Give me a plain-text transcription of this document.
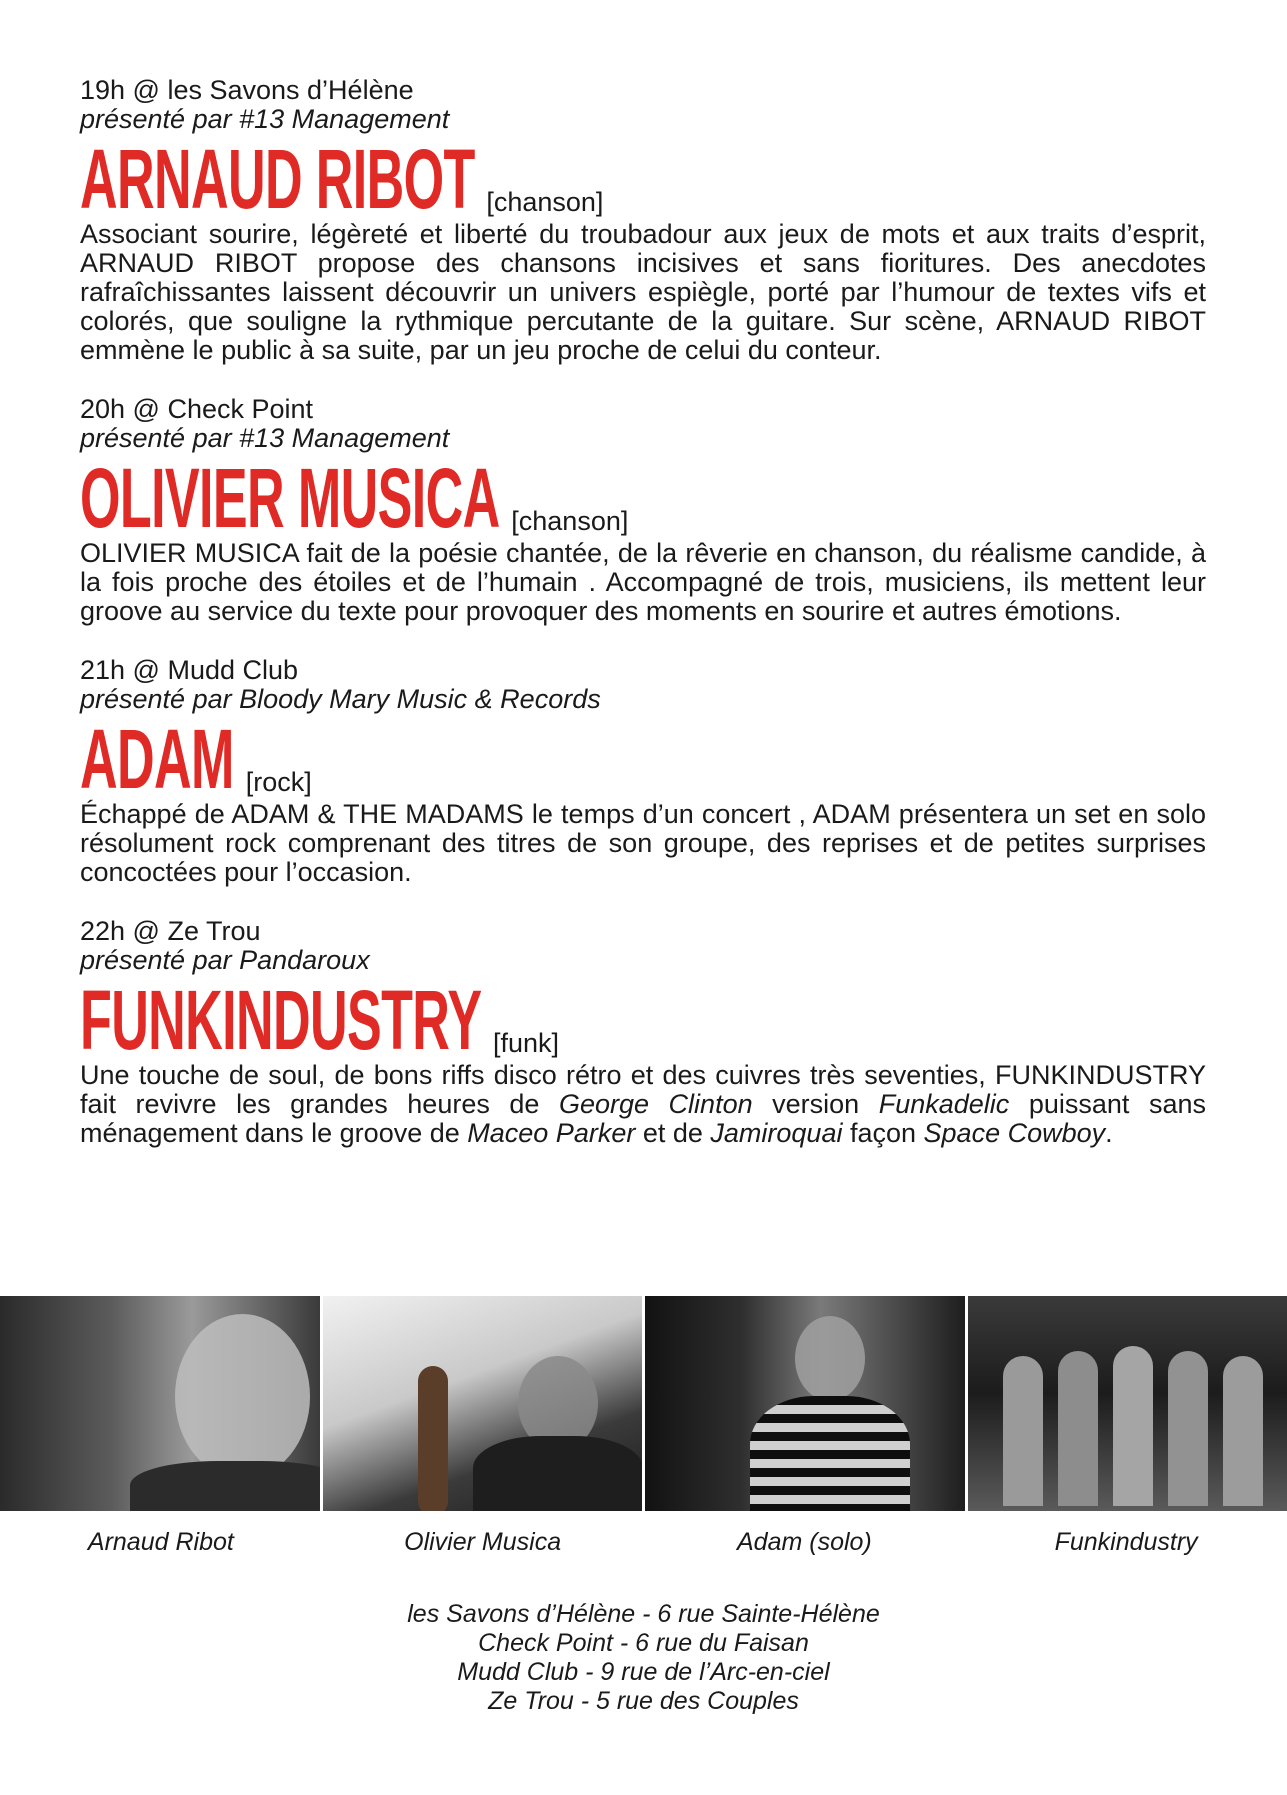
19h @ les Savons d’Hélène
présenté par #13 Management
ARNAUD RIBOT [chanson]
Associant sourire, légèreté et liberté du troubadour aux jeux de mots et aux traits d’esprit, ARNAUD RIBOT propose des chansons incisives et sans fioritures. Des anecdotes rafraîchissantes laissent découvrir un univers espiègle, porté par l’humour de textes vifs et colorés, que souligne la rythmique percutante de la guitare. Sur scène, ARNAUD RIBOT emmène le public à sa suite, par un jeu proche de celui du conteur.
20h @ Check Point
présenté par #13 Management
OLIVIER MUSICA [chanson]
OLIVIER MUSICA fait de la poésie chantée, de la rêverie en chanson, du réalisme candide, à la fois proche des étoiles et de l’humain . Accompagné de trois, musiciens, ils mettent leur groove au service du texte pour provoquer des moments en sourire et autres émotions.
21h @ Mudd Club
présenté par Bloody Mary Music & Records
ADAM [rock]
Échappé de ADAM & THE MADAMS le temps d’un concert , ADAM présentera un set en solo résolument rock comprenant des titres de son groupe, des reprises et de petites surprises concoctées pour l’occasion.
22h @ Ze Trou
présenté par Pandaroux
FUNKINDUSTRY [funk]
Une touche de soul, de bons riffs disco rétro et des cuivres très seventies, FUNKINDUSTRY fait revivre les grandes heures de George Clinton version Funkadelic puissant sans ménagement dans le groove de Maceo Parker et de Jamiroquai façon Space Cowboy.
Arnaud Ribot	Olivier Musica	Adam (solo)	Funkindustry
les Savons d’Hélène - 6 rue Sainte-Hélène
Check Point - 6 rue du Faisan
Mudd Club - 9 rue de l’Arc-en-ciel
Ze Trou - 5 rue des Couples
